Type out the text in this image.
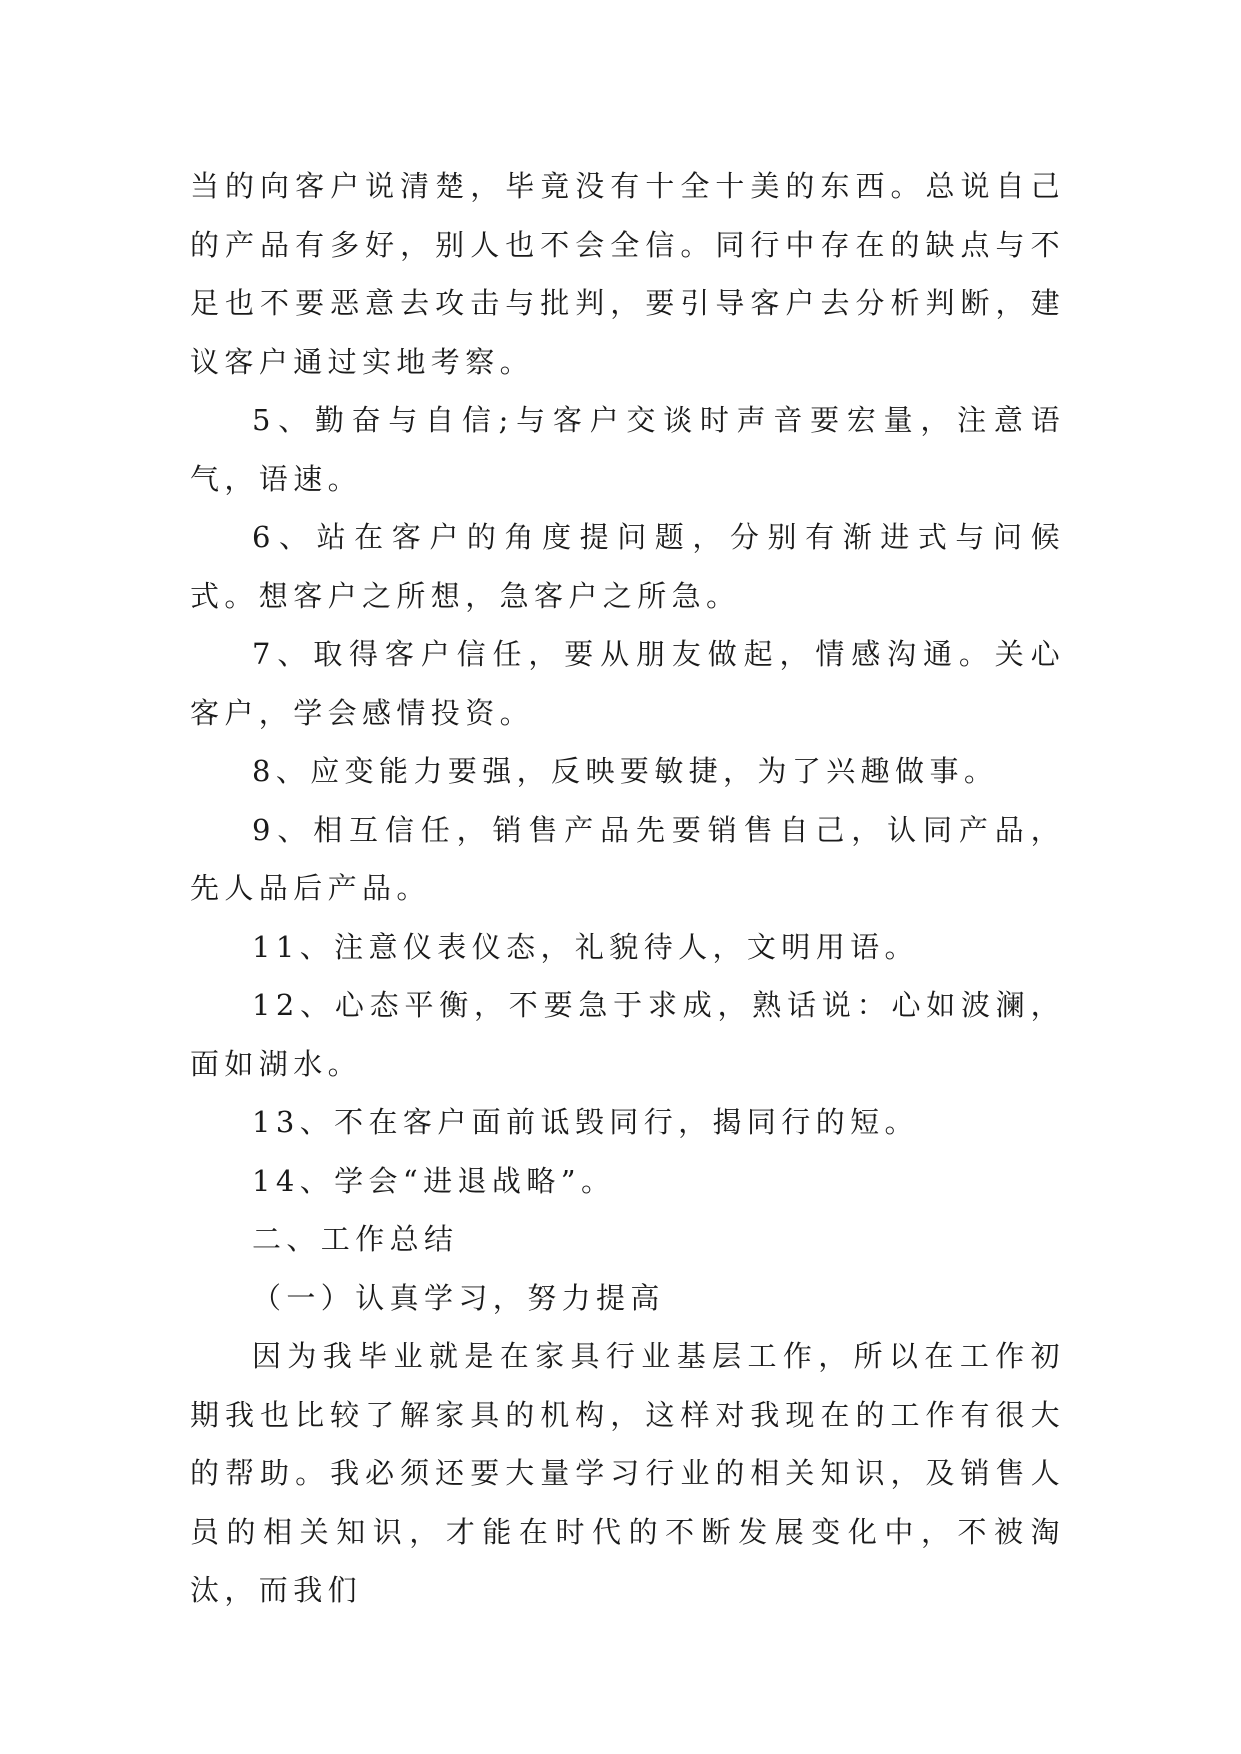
当的向客户说清楚，毕竟没有十全十美的东西。总说自己的产品有多好，别人也不会全信。同行中存在的缺点与不足也不要恶意去攻击与批判，要引导客户去分析判断，建议客户通过实地考察。

5、勤奋与自信;与客户交谈时声音要宏量，注意语气，语速。

6、站在客户的角度提问题，分别有渐进式与问候式。想客户之所想，急客户之所急。

7、取得客户信任，要从朋友做起，情感沟通。关心客户，学会感情投资。

8、应变能力要强，反映要敏捷，为了兴趣做事。

9、相互信任，销售产品先要销售自己，认同产品，先人品后产品。

11、注意仪表仪态，礼貌待人，文明用语。

12、心态平衡，不要急于求成，熟话说：心如波澜，面如湖水。

13、不在客户面前诋毁同行，揭同行的短。

14、学会“进退战略”。

二、工作总结

（一）认真学习，努力提高

因为我毕业就是在家具行业基层工作，所以在工作初期我也比较了解家具的机构，这样对我现在的工作有很大的帮助。我必须还要大量学习行业的相关知识，及销售人员的相关知识，才能在时代的不断发展变化中，不被淘汰，而我们
